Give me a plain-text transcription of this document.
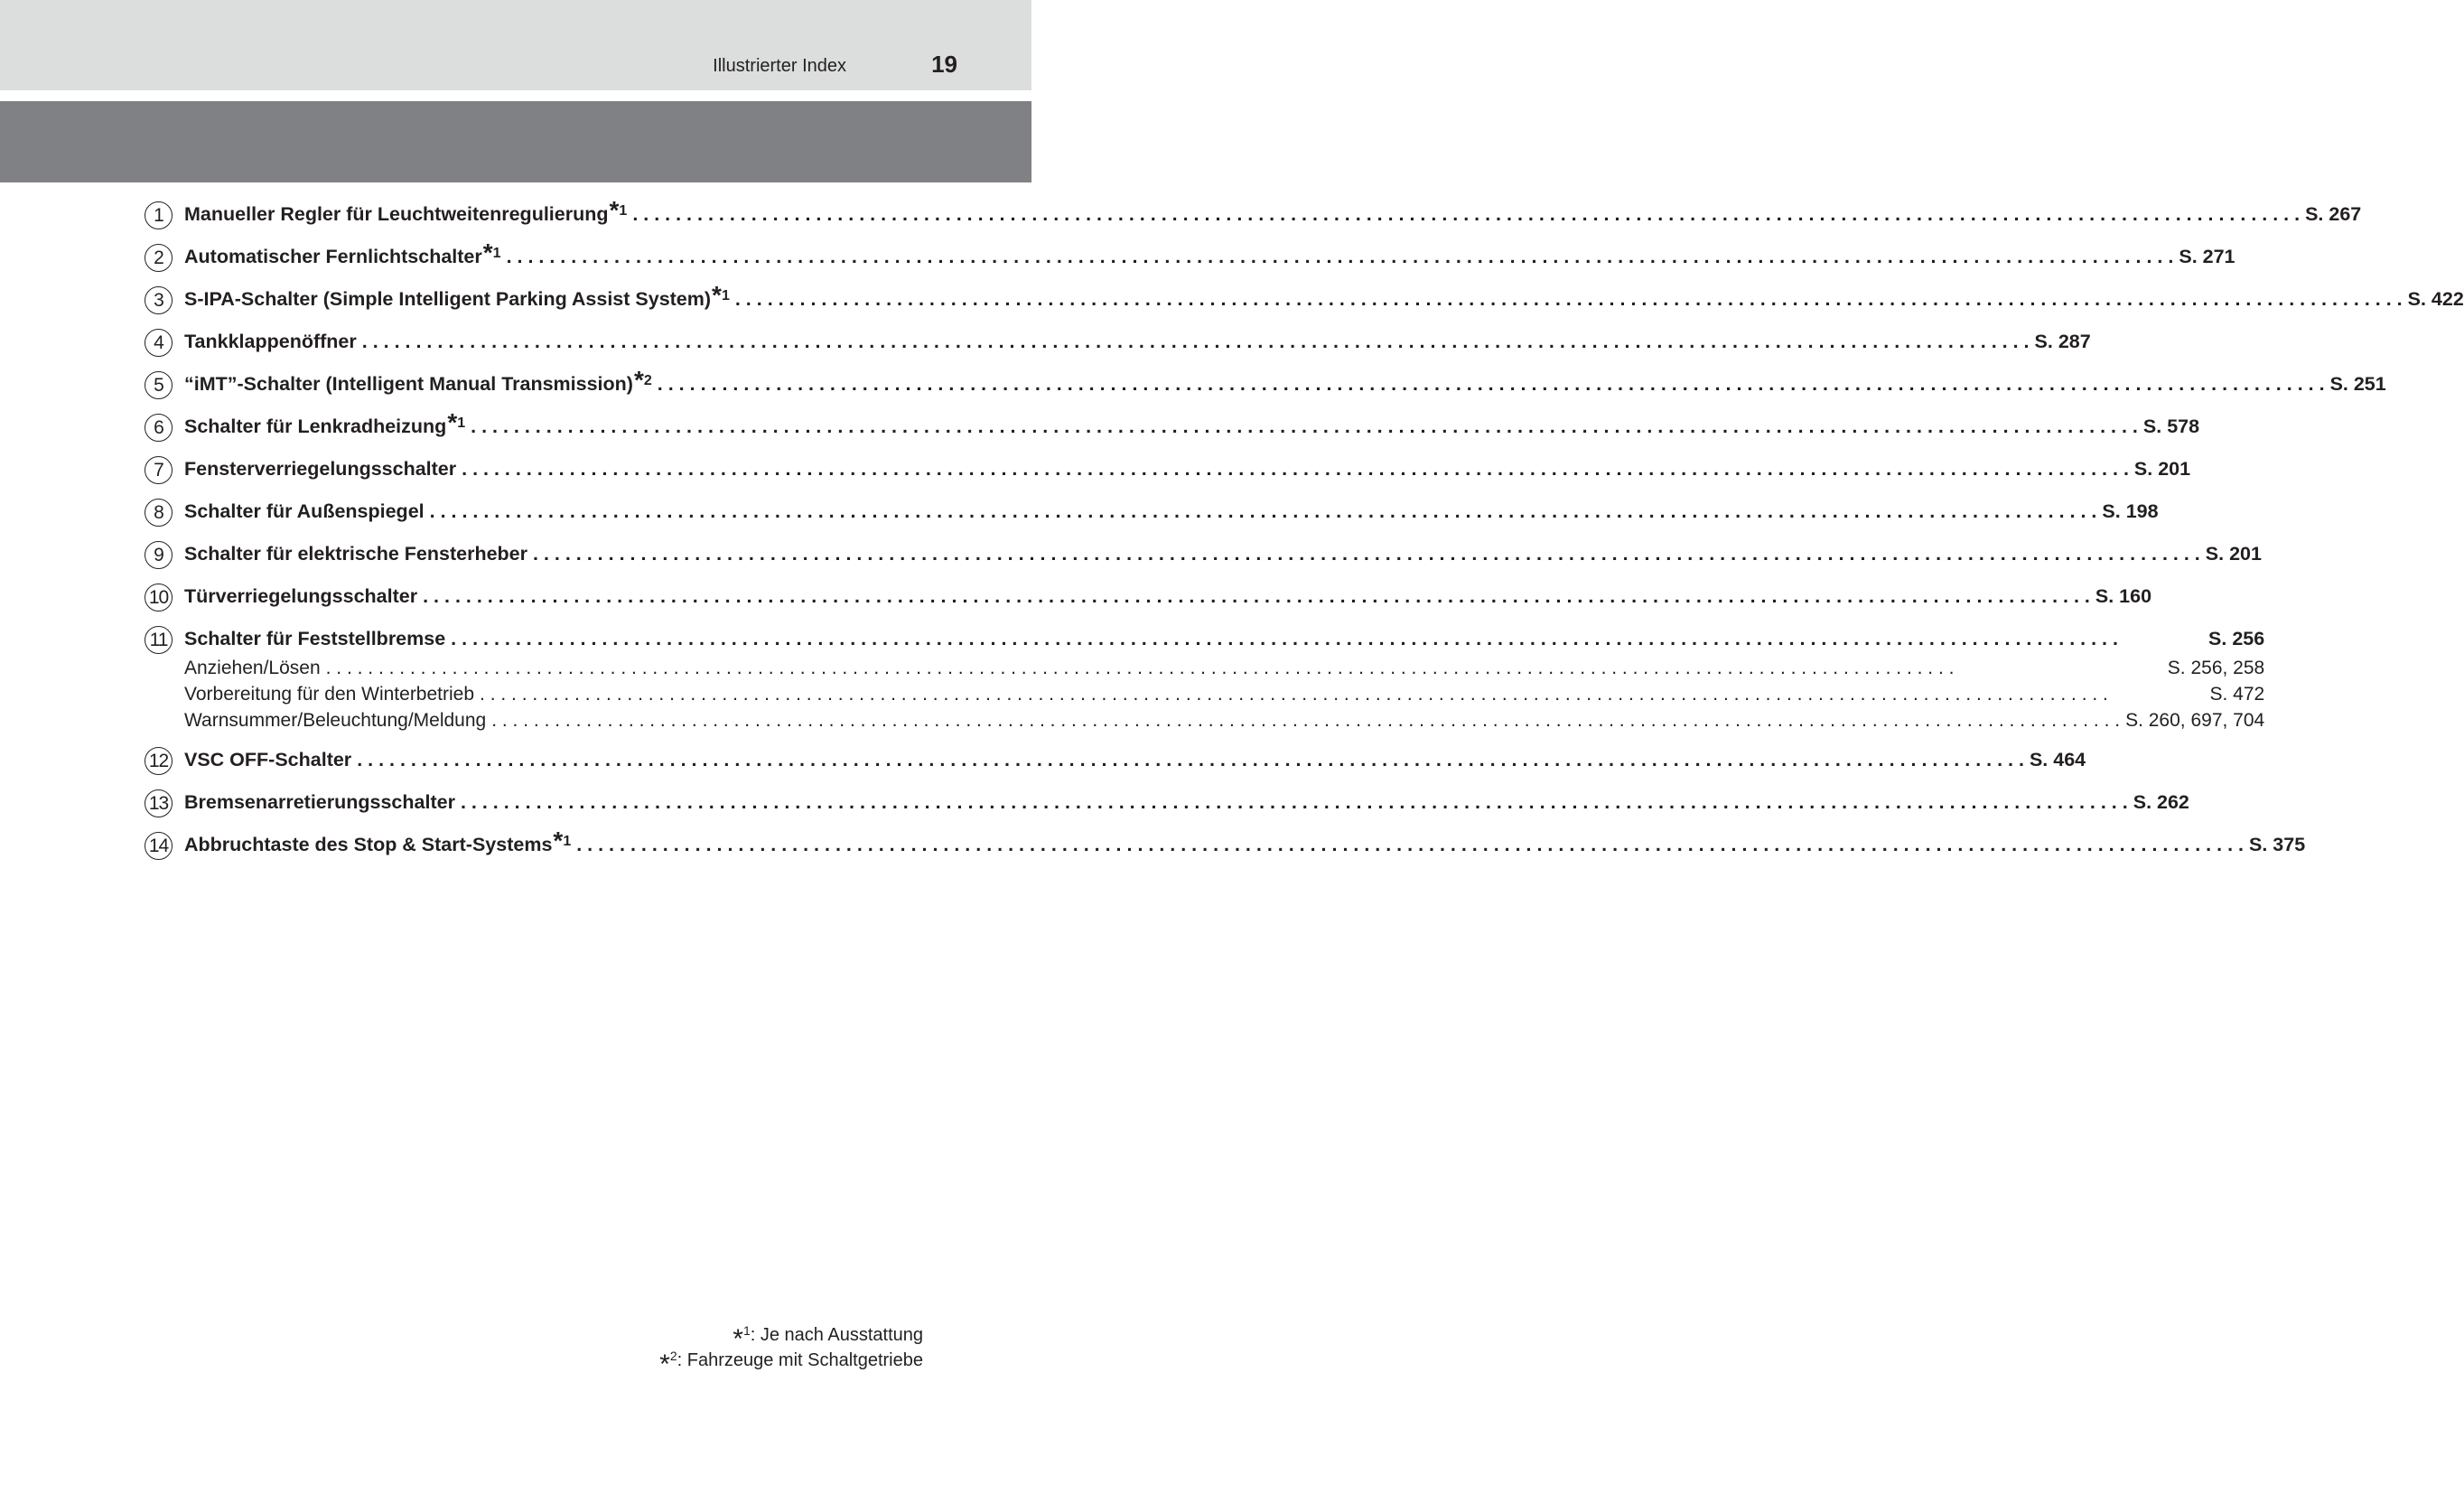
Illustrierter Index	19
1	Manueller Regler für Leuchtweitenregulierung$^{*1}$ . . .	S. 267
2	Automatischer Fernlichtschalter$^{*1}$ . . .	S. 271
3	S-IPA-Schalter (Simple Intelligent Parking Assist System)$^{*1}$ . . .	S. 422
4	Tankklappenöffner . . .	S. 287
5	“iMT”-Schalter (Intelligent Manual Transmission)$^{*2}$ . . .	S. 251
6	Schalter für Lenkradheizung$^{*1}$ . . .	S. 578
7	Fensterverriegelungsschalter . . .	S. 201
8	Schalter für Außenspiegel . . .	S. 198
9	Schalter für elektrische Fensterheber . . .	S. 201
10 Türverriegelungsschalter . . .	S. 160
11 Schalter für Feststellbremse . . .	S. 256
Anziehen/Lösen . . .	S. 256, 258
Vorbereitung für den Winterbetrieb . . .	S. 472
Warnsummer/Beleuchtung/Meldung . . .	S. 260, 697, 704
12 VSC OFF-Schalter . . .	S. 464
13 Bremsenarretierungsschalter . . .	S. 262
14 Abbruchtaste des Stop & Start-Systems$^{*1}$ . . .	S. 375
*$^1$: Je nach Ausstattung
*$^2$: Fahrzeuge mit Schaltgetriebe
